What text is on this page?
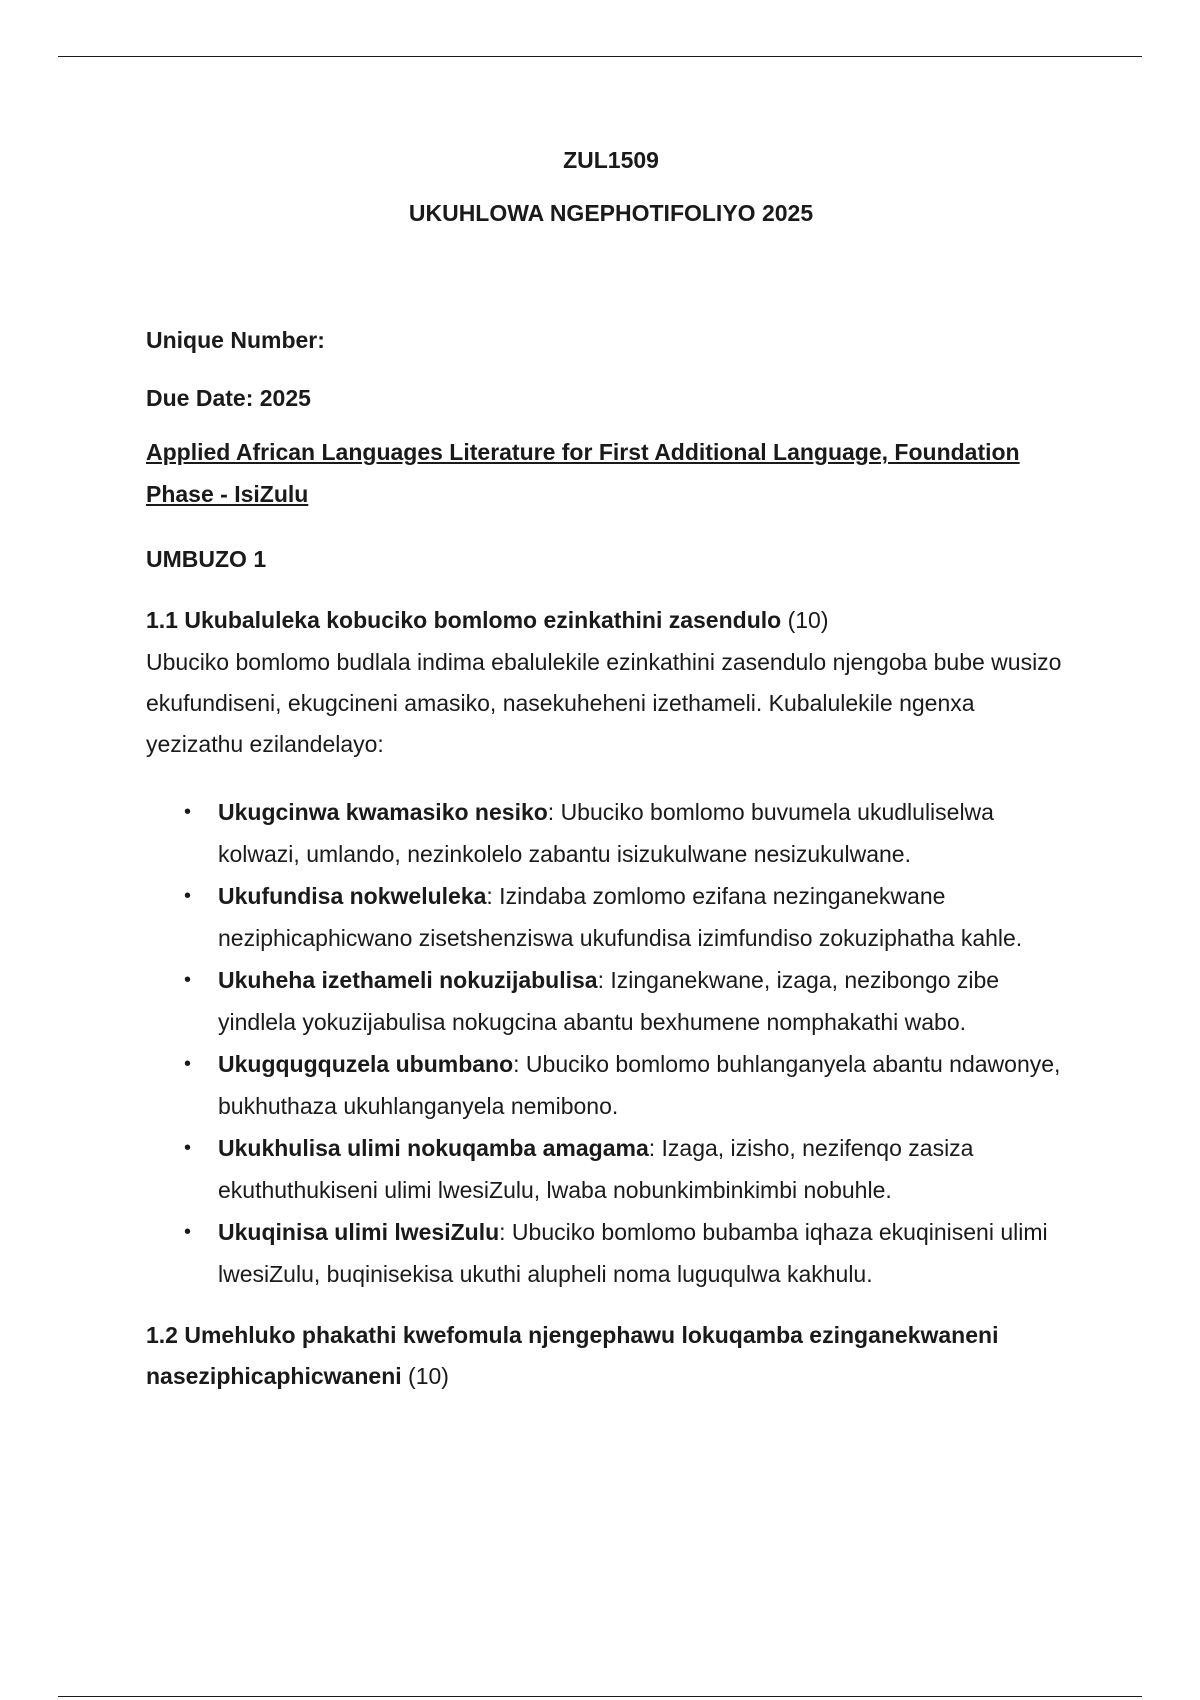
ZUL1509

UKUHLOWA NGEPHOTIFOLIYO 2025

Unique Number:

Due Date: 2025

Applied African Languages Literature for First Additional Language, Foundation Phase - IsiZulu

UMBUZO 1

1.1 Ukubaluleka kobuciko bomlomo ezinkathini zasendulo (10)

Ubuciko bomlomo budlala indima ebalulekile ezinkathini zasendulo njengoba bube wusizo ekufundiseni, ekugcineni amasiko, nasekuheheni izethameli. Kubalulekile ngenxa yezizathu ezilandelayo:

• Ukugcinwa kwamasiko nesiko: Ubuciko bomlomo buvumela ukudluliselwa kolwazi, umlando, nezinkolelo zabantu isizukulwane nesizukulwane.
• Ukufundisa nokweluleka: Izindaba zomlomo ezifana nezinganekwane neziphicaphicwano zisetshenziswa ukufundisa izimfundiso zokuziphatha kahle.
• Ukuheha izethameli nokuzijabulisa: Izinganekwane, izaga, nezibongo zibe yindlela yokuzijabulisa nokugcina abantu bexhumene nomphakathi wabo.
• Ukugqugquzela ubumbano: Ubuciko bomlomo buhlanganyela abantu ndawonye, bukhuthaza ukuhlanganyela nemibono.
• Ukukhulisa ulimi nokuqamba amagama: Izaga, izisho, nezifenqo zasiza ekuthuthukiseni ulimi lwesiZulu, lwaba nobunkimbinkimbi nobuhle.
• Ukuqinisa ulimi lwesiZulu: Ubuciko bomlomo bubamba iqhaza ekuqiniseni ulimi lwesiZulu, buqinisekisa ukuthi alupheli noma luguqulwa kakhulu.

1.2 Umehluko phakathi kwefomula njengephawu lokuqamba ezinganekwaneni naseziphicaphicwaneni (10)
